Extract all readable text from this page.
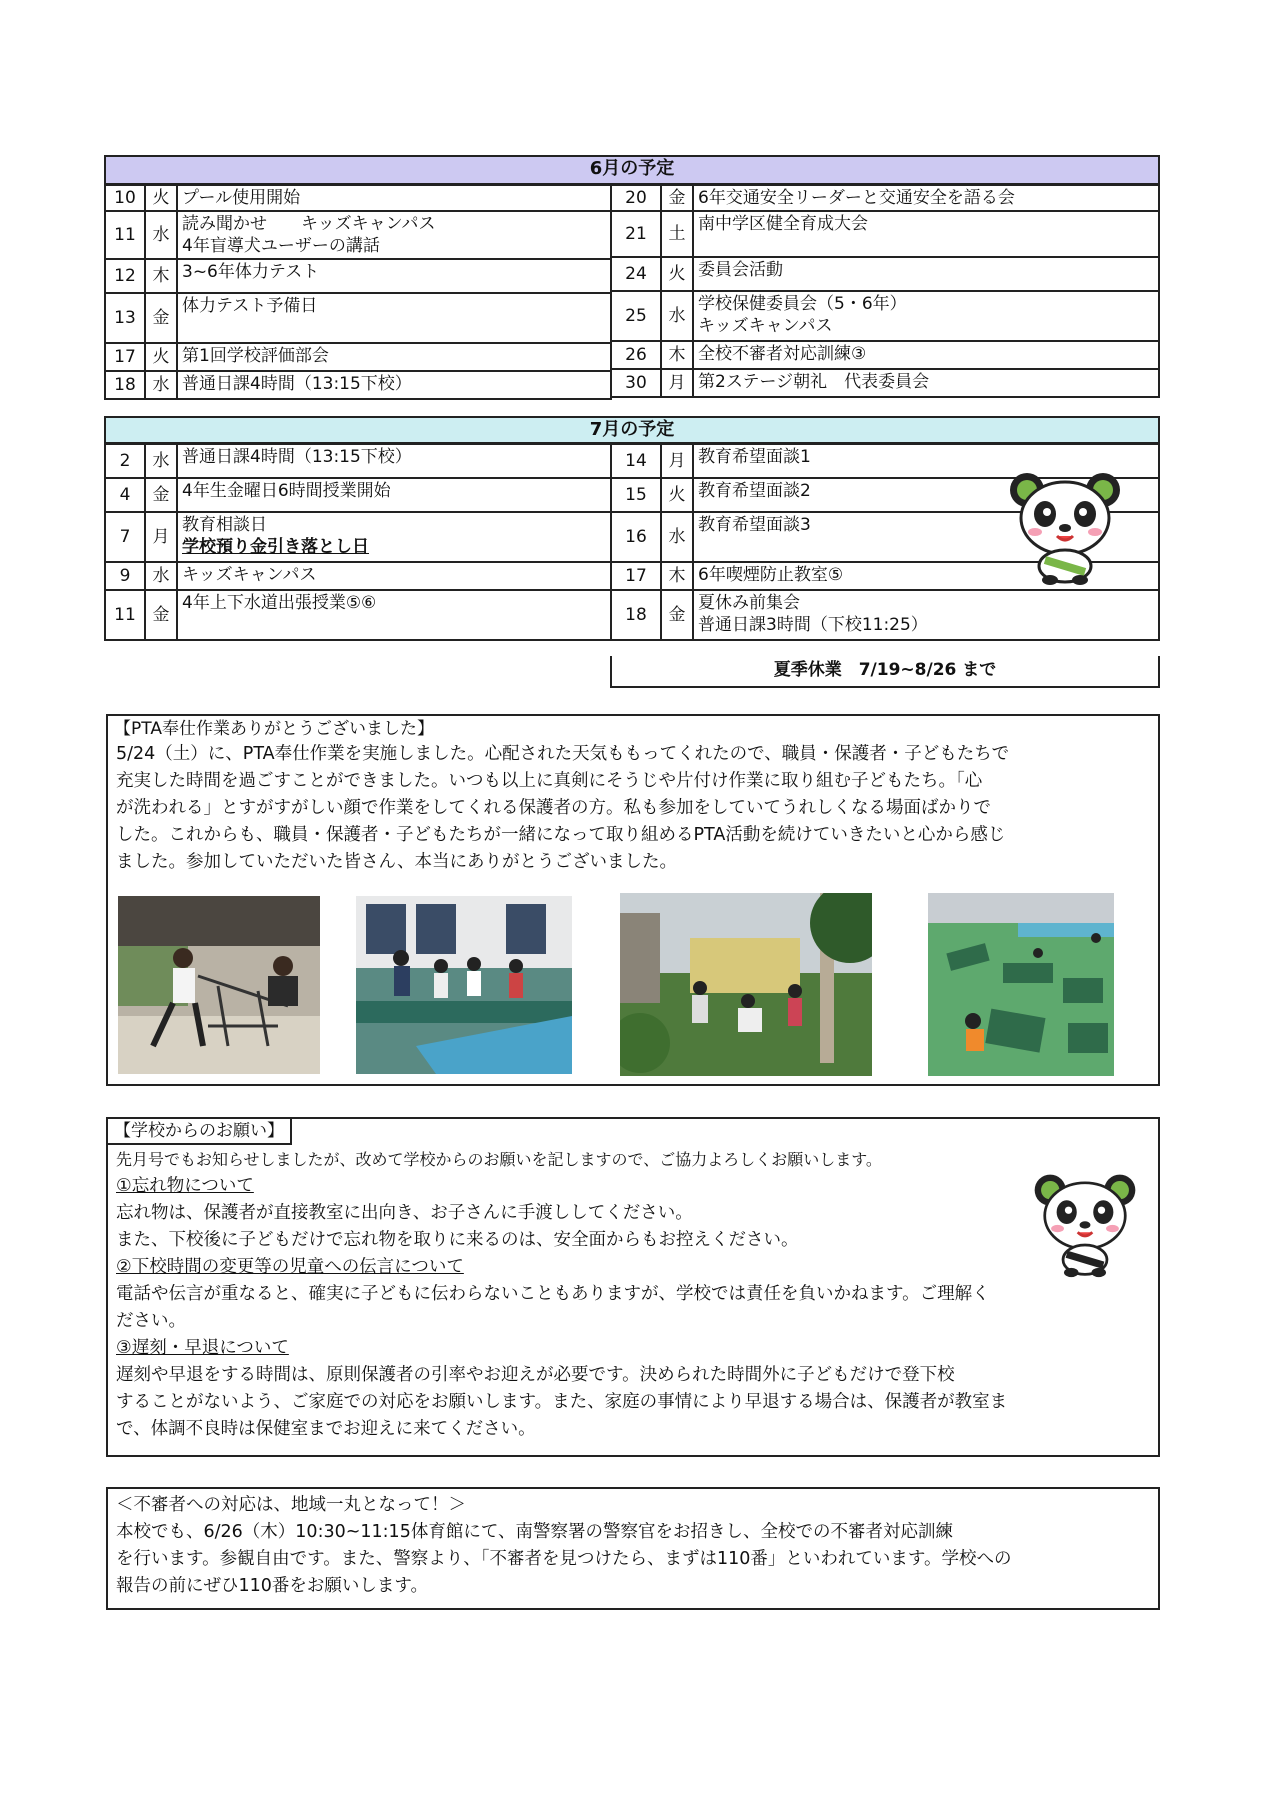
6月の予定
10	火	プール使用開始

11	水	読み聞かせ　　キッズキャンパス
4年盲導犬ユーザーの講話

12	木	3~6年体力テスト

13	金	体力テスト予備日

17	火	第1回学校評価部会

18	水	普通日課4時間（13:15下校）
20	金	6年交通安全リーダーと交通安全を語る会

21	土	南中学区健全育成大会

24	火	委員会活動

25	水	学校保健委員会（5・6年）
キッズキャンパス

26	木	全校不審者対応訓練③

30	月	第2ステージ朝礼　代表委員会
7月の予定
2	水	普通日課4時間（13:15下校）

4	金	4年生金曜日6時間授業開始

7	月	教育相談日
学校預り金引き落とし日

9	水	キッズキャンパス

11	金	4年上下水道出張授業⑤⑥
14	月	教育希望面談1

15	火	教育希望面談2

16	水	教育希望面談3

17	木	6年喫煙防止教室⑤

18	金	夏休み前集会
普通日課3時間（下校11:25）
夏季休業　7/19~8/26 まで
【PTA奉仕作業ありがとうございました】
5/24（土）に、PTA奉仕作業を実施しました。心配された天気ももってくれたので、職員・保護者・子どもたちで
充実した時間を過ごすことができました。いつも以上に真剣にそうじや片付け作業に取り組む子どもたち。「心
が洗われる」とすがすがしい顔で作業をしてくれる保護者の方。私も参加をしていてうれしくなる場面ばかりで
した。これからも、職員・保護者・子どもたちが一緒になって取り組めるPTA活動を続けていきたいと心から感じ
ました。参加していただいた皆さん、本当にありがとうございました。
【学校からのお願い】
先月号でもお知らせしましたが、改めて学校からのお願いを記しますので、ご協力よろしくお願いします。
①忘れ物について
忘れ物は、保護者が直接教室に出向き、お子さんに手渡ししてください。
また、下校後に子どもだけで忘れ物を取りに来るのは、安全面からもお控えください。
②下校時間の変更等の児童への伝言について
電話や伝言が重なると、確実に子どもに伝わらないこともありますが、学校では責任を負いかねます。ご理解く
ださい。
③遅刻・早退について
遅刻や早退をする時間は、原則保護者の引率やお迎えが必要です。決められた時間外に子どもだけで登下校
することがないよう、ご家庭での対応をお願いします。また、家庭の事情により早退する場合は、保護者が教室ま
で、体調不良時は保健室までお迎えに来てください。
＜不審者への対応は、地域一丸となって！＞
本校でも、6/26（木）10:30~11:15体育館にて、南警察署の警察官をお招きし、全校での不審者対応訓練
を行います。参観自由です。また、警察より、「不審者を見つけたら、まずは110番」といわれています。学校への
報告の前にぜひ110番をお願いします。
